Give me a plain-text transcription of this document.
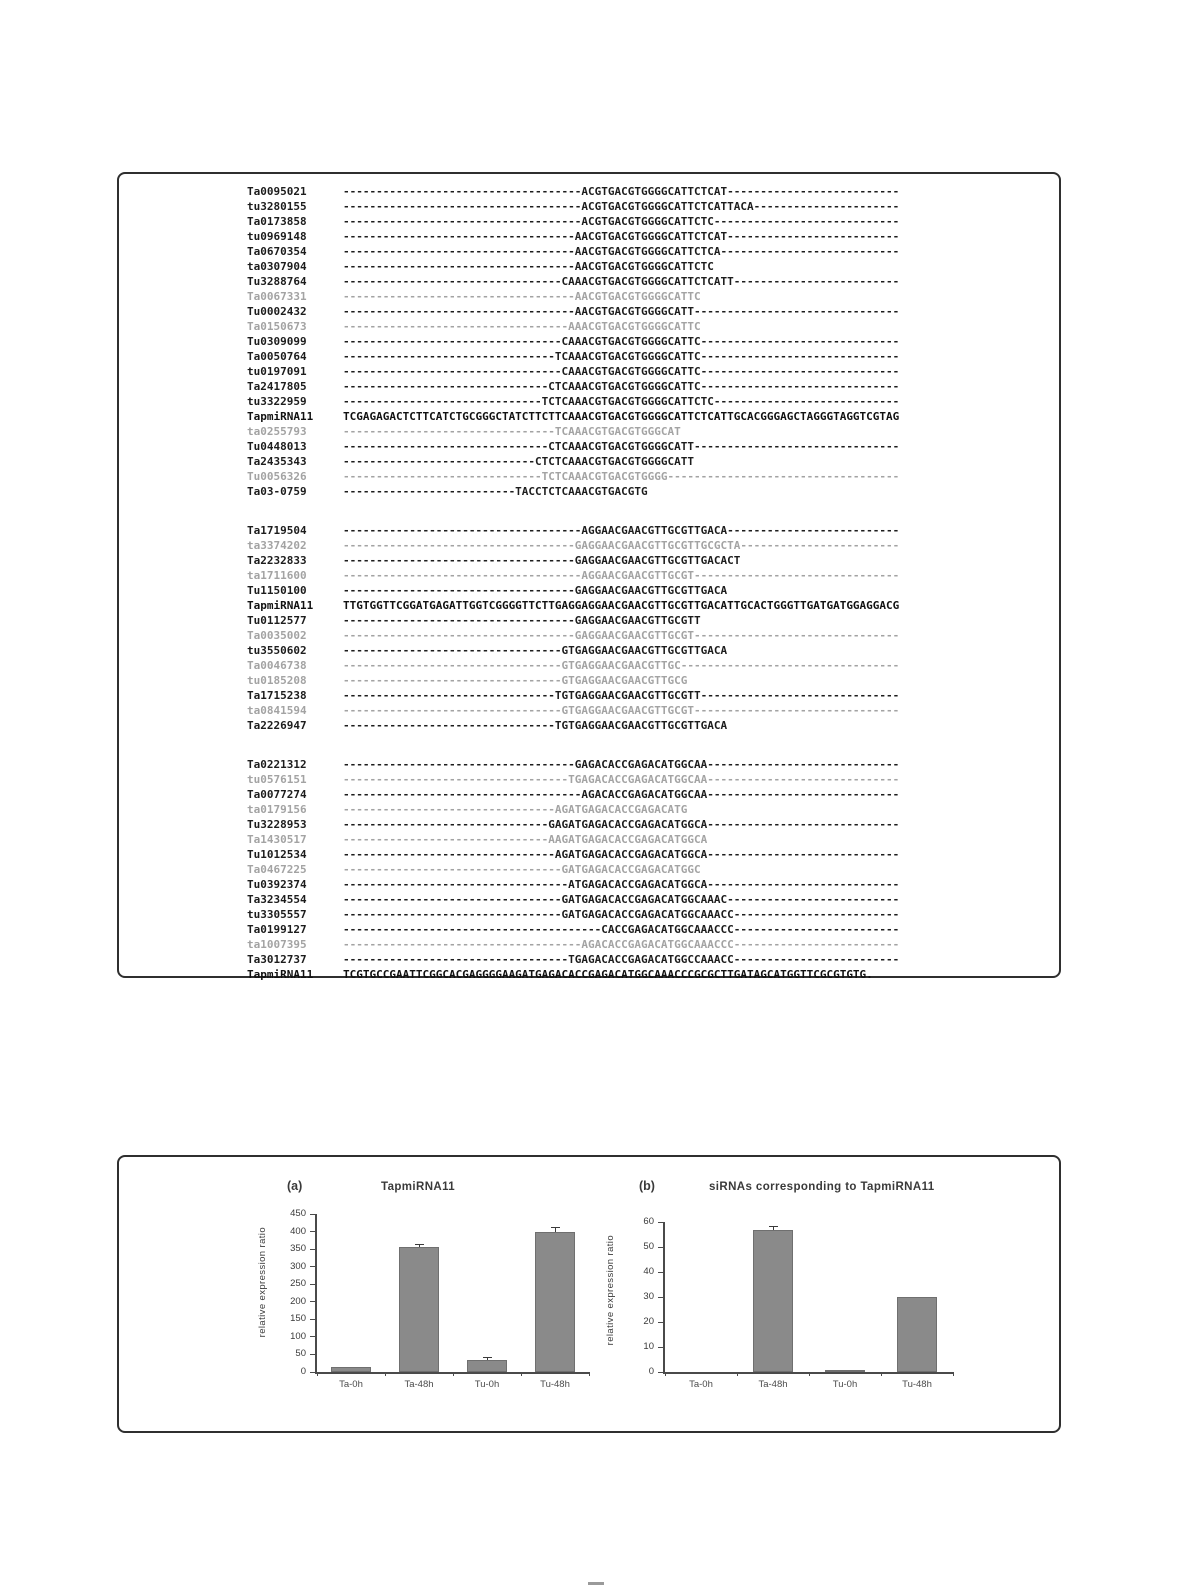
Ta0095021	------------------------------------ACGTGACGTGGGGCATTCTCAT--------------------------
tu3280155	------------------------------------ACGTGACGTGGGGCATTCTCATTACA----------------------
Ta0173858	------------------------------------ACGTGACGTGGGGCATTCTC----------------------------
tu0969148	-----------------------------------AACGTGACGTGGGGCATTCTCAT--------------------------
Ta0670354	-----------------------------------AACGTGACGTGGGGCATTCTCA---------------------------
ta0307904	-----------------------------------AACGTGACGTGGGGCATTCTC
Tu3288764	---------------------------------CAAACGTGACGTGGGGCATTCTCATT-------------------------
Ta0067331	-----------------------------------AACGTGACGTGGGGCATTC
Tu0002432	-----------------------------------AACGTGACGTGGGGCATT-------------------------------
Ta0150673	----------------------------------AAACGTGACGTGGGGCATTC
Tu0309099	---------------------------------CAAACGTGACGTGGGGCATTC------------------------------
Ta0050764	--------------------------------TCAAACGTGACGTGGGGCATTC------------------------------
tu0197091	---------------------------------CAAACGTGACGTGGGGCATTC------------------------------
Ta2417805	-------------------------------CTCAAACGTGACGTGGGGCATTC------------------------------
tu3322959	------------------------------TCTCAAACGTGACGTGGGGCATTCTC----------------------------
TapmiRNA11	TCGAGAGACTCTTCATCTGCGGGCTATCTTCTTCAAACGTGACGTGGGGCATTCTCATTGCACGGGAGCTAGGGTAGGTCGTAG
ta0255793	--------------------------------TCAAACGTGACGTGGGCAT
Tu0448013	-------------------------------CTCAAACGTGACGTGGGGCATT-------------------------------
Ta2435343	-----------------------------CTCTCAAACGTGACGTGGGGCATT
Tu0056326	------------------------------TCTCAAACGTGACGTGGGG-----------------------------------
Ta03-0759	--------------------------TACCTCTCAAACGTGACGTG
Ta1719504	------------------------------------AGGAACGAACGTTGCGTTGACA--------------------------
ta3374202	-----------------------------------GAGGAACGAACGTTGCGTTGCGCTA------------------------
Ta2232833	-----------------------------------GAGGAACGAACGTTGCGTTGACACT
ta1711600	------------------------------------AGGAACGAACGTTGCGT-------------------------------
Tu1150100	-----------------------------------GAGGAACGAACGTTGCGTTGACA
TapmiRNA11	TTGTGGTTCGGATGAGATTGGTCGGGGTTCTTGAGGAGGAACGAACGTTGCGTTGACATTGCACTGGGTTGATGATGGAGGACG
Tu0112577	-----------------------------------GAGGAACGAACGTTGCGTT
Ta0035002	-----------------------------------GAGGAACGAACGTTGCGT-------------------------------
tu3550602	---------------------------------GTGAGGAACGAACGTTGCGTTGACA
Ta0046738	---------------------------------GTGAGGAACGAACGTTGC---------------------------------
tu0185208	---------------------------------GTGAGGAACGAACGTTGCG
Ta1715238	--------------------------------TGTGAGGAACGAACGTTGCGTT------------------------------
ta0841594	---------------------------------GTGAGGAACGAACGTTGCGT-------------------------------
Ta2226947	--------------------------------TGTGAGGAACGAACGTTGCGTTGACA
Ta0221312	-----------------------------------GAGACACCGAGACATGGCAA-----------------------------
tu0576151	----------------------------------TGAGACACCGAGACATGGCAA-----------------------------
Ta0077274	------------------------------------AGACACCGAGACATGGCAA-----------------------------
ta0179156	--------------------------------AGATGAGACACCGAGACATG
Tu3228953	-------------------------------GAGATGAGACACCGAGACATGGCA-----------------------------
Ta1430517	-------------------------------AAGATGAGACACCGAGACATGGCA
Tu1012534	--------------------------------AGATGAGACACCGAGACATGGCA-----------------------------
Ta0467225	---------------------------------GATGAGACACCGAGACATGGC
Tu0392374	----------------------------------ATGAGACACCGAGACATGGCA-----------------------------
Ta3234554	---------------------------------GATGAGACACCGAGACATGGCAAAC--------------------------
tu3305557	---------------------------------GATGAGACACCGAGACATGGCAAACC-------------------------
Ta0199127	---------------------------------------CACCGAGACATGGCAAACCC-------------------------
ta1007395	------------------------------------AGACACCGAGACATGGCAAACCC-------------------------
Ta3012737	----------------------------------TGAGACACCGAGACATGGCCAAACC-------------------------
TapmiRNA11	TCGTGCCGAATTCGGCACGAGGGGAAGATGAGACACCGAGACATGGCAAACCCGCGCTTGATAGCATGGTTCGCGTGTG.
(a)	TapmiRNA11
relative expression ratio
0
50
100
150
200
250
300
350
400
450
Ta-0h	Ta-48h	Tu-0h	Tu-48h
(b)	siRNAs corresponding to TapmiRNA11
relative expression ratio
0
10
20
30
40
50
60
Ta-0h	Ta-48h	Tu-0h	Tu-48h
